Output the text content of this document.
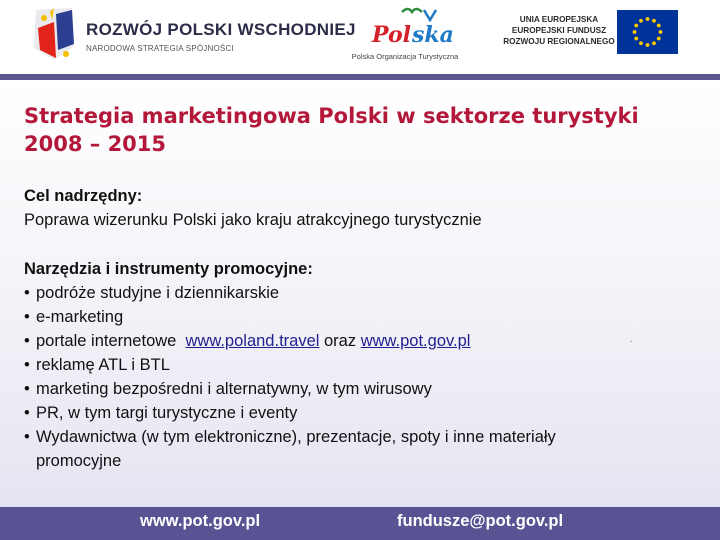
ROZWÓJ POLSKI WSCHODNIEJ
NARODOWA STRATEGIA SPÓJNOŚCI
Pol ska
Polska Organizacja Turystyczna
UNIA EUROPEJSKA
EUROPEJSKI FUNDUSZ
ROZWOJU REGIONALNEGO
Strategia marketingowa Polski w sektorze turystyki 2008 – 2015
Cel nadrzędny:
Poprawa wizerunku Polski jako kraju atrakcyjnego turystycznie
Narzędzia i instrumenty promocyjne:
• podróże studyjne i dziennikarskie
• e-marketing
• portale internetowe  www.poland.travel oraz www.pot.gov.pl
• reklamę ATL i BTL
• marketing bezpośredni i alternatywny, w tym wirusowy
• PR, w tym targi turystyczne i eventy
• Wydawnictwa (w tym elektroniczne), prezentacje, spoty i inne materiały
promocyjne
.
www.pot.gov.pl	fundusze@pot.gov.pl
